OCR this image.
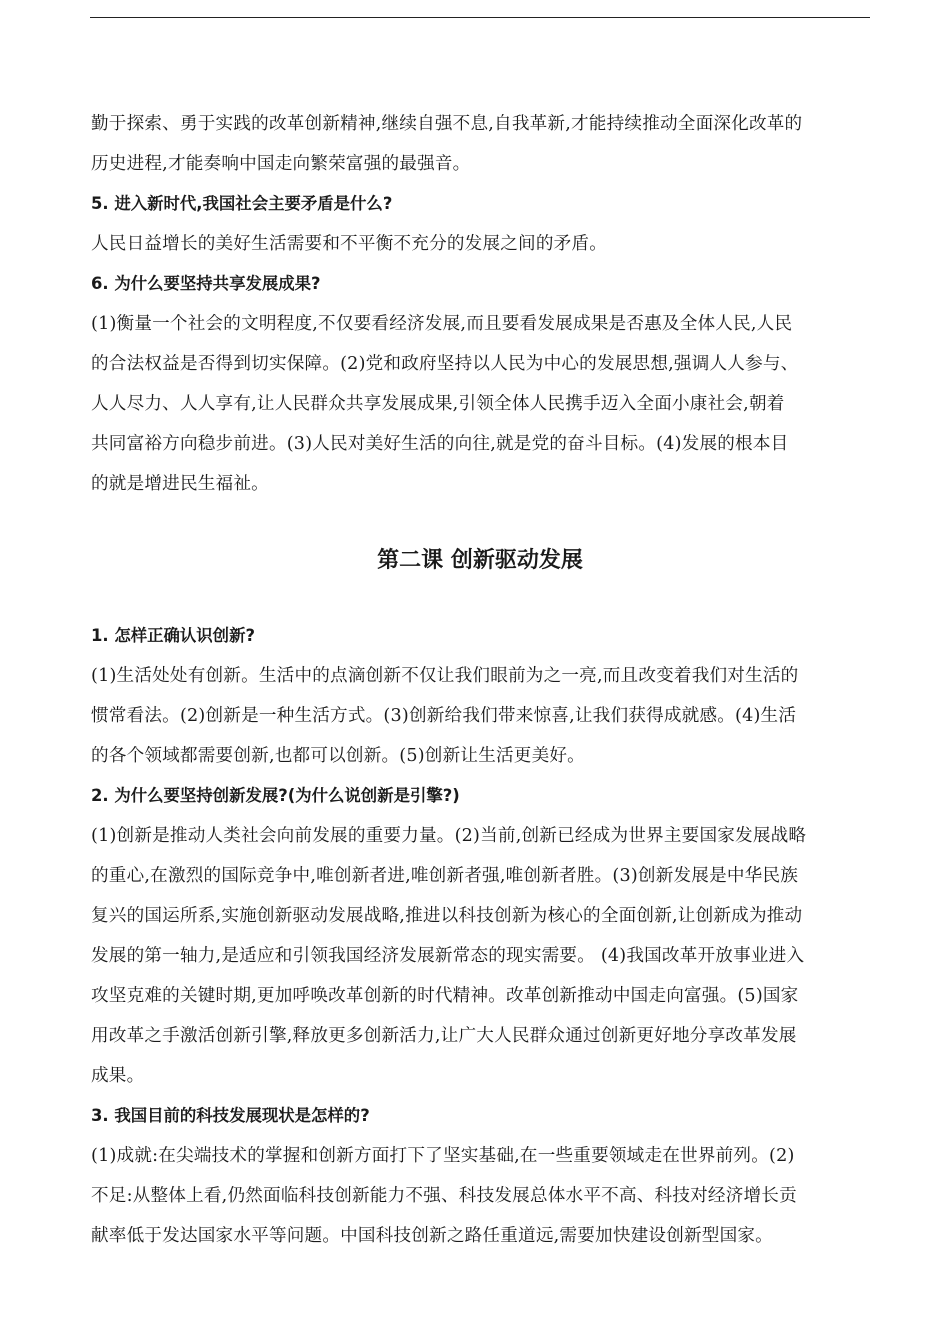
勤于探索、勇于实践的改革创新精神,继续自强不息,自我革新,才能持续推动全面深化改革的
历史进程,才能奏响中国走向繁荣富强的最强音。

5. 进入新时代,我国社会主要矛盾是什么?

人民日益增长的美好生活需要和不平衡不充分的发展之间的矛盾。

6. 为什么要坚持共享发展成果?

(1)衡量一个社会的文明程度,不仅要看经济发展,而且要看发展成果是否惠及全体人民,人民
的合法权益是否得到切实保障。(2)党和政府坚持以人民为中心的发展思想,强调人人参与、
人人尽力、人人享有,让人民群众共享发展成果,引领全体人民携手迈入全面小康社会,朝着
共同富裕方向稳步前进。(3)人民对美好生活的向往,就是党的奋斗目标。(4)发展的根本目
的就是增进民生福祉。

第二课 创新驱动发展

1. 怎样正确认识创新?

(1)生活处处有创新。生活中的点滴创新不仅让我们眼前为之一亮,而且改变着我们对生活的
惯常看法。(2)创新是一种生活方式。(3)创新给我们带来惊喜,让我们获得成就感。(4)生活
的各个领域都需要创新,也都可以创新。(5)创新让生活更美好。

2. 为什么要坚持创新发展?(为什么说创新是引擎?)

(1)创新是推动人类社会向前发展的重要力量。(2)当前,创新已经成为世界主要国家发展战略
的重心,在激烈的国际竞争中,唯创新者进,唯创新者强,唯创新者胜。(3)创新发展是中华民族
复兴的国运所系,实施创新驱动发展战略,推进以科技创新为核心的全面创新,让创新成为推动
发展的第一轴力,是适应和引领我国经济发展新常态的现实需要。 (4)我国改革开放事业进入
攻坚克难的关键时期,更加呼唤改革创新的时代精神。改革创新推动中国走向富强。(5)国家
用改革之手激活创新引擎,释放更多创新活力,让广大人民群众通过创新更好地分享改革发展
成果。

3. 我国目前的科技发展现状是怎样的?

(1)成就:在尖端技术的掌握和创新方面打下了坚实基础,在一些重要领域走在世界前列。(2)
不足:从整体上看,仍然面临科技创新能力不强、科技发展总体水平不高、科技对经济增长贡
献率低于发达国家水平等问题。中国科技创新之路任重道远,需要加快建设创新型国家。
